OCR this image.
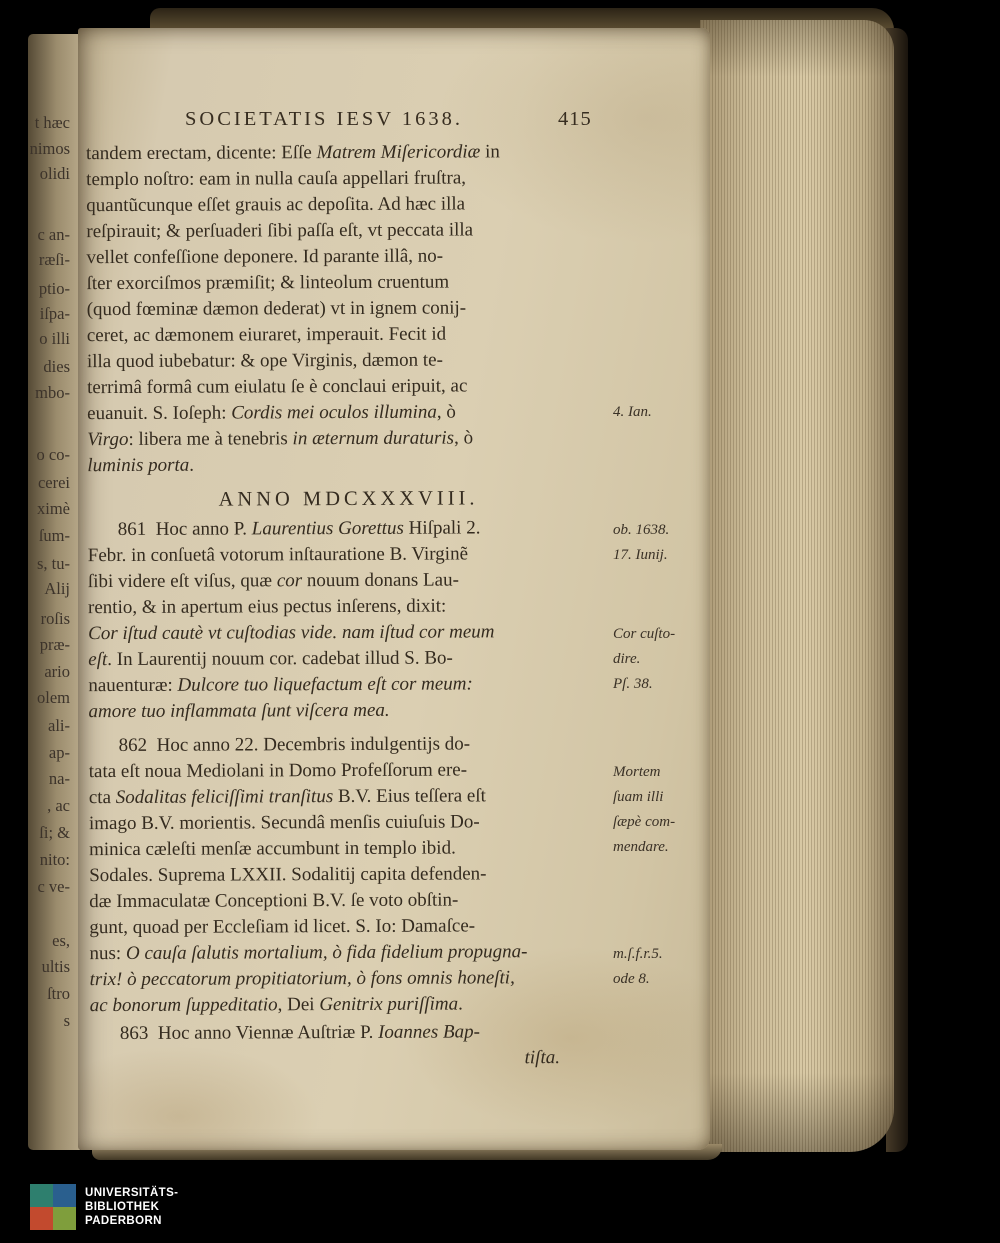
t hæc
nimos
olidi
c an-
ræſi-
ptio-
iſpa-
o illi
dies
mbo-
o co-
cerei
ximè
ſum-
s, tu-
Alij
roſis
præ-
ario
olem
ali-
ap-
na-
, ac
ſi; &
nito:
c ve-
es,
ultis
ſtro
s
SOCIETATIS IESV 1638.	415
tandem erectam, dicente: Eſſe Matrem Miſericordiæ in
templo noſtro: eam in nulla cauſa appellari fruſtra,
quantũcunque eſſet grauis ac depoſita. Ad hæc illa
reſpirauit; & perſuaderi ſibi paſſa eſt, vt peccata illa
vellet confeſſione deponere. Id parante illâ, no-
ſter exorciſmos præmiſit; & linteolum cruentum
(quod fœminæ dæmon dederat) vt in ignem conij-
ceret, ac dæmonem eiuraret, imperauit. Fecit id
illa quod iubebatur: & ope Virginis, dæmon te-
terrimâ formâ cum eiulatu ſe è conclaui eripuit, ac
euanuit. S. Ioſeph: Cordis mei oculos illumina, ò
Virgo: libera me à tenebris in æternum duraturis, ò
luminis porta.
ANNO MDCXXXVIII.
861  Hoc anno P. Laurentius Gorettus Hiſpali 2.
Febr. in conſuetâ votorum inſtauratione B. Virginẽ
ſibi videre eſt viſus, quæ cor nouum donans Lau-
rentio, & in apertum eius pectus inſerens, dixit:
Cor iſtud cautè vt cuſtodias vide. nam iſtud cor meum
eſt. In Laurentij nouum cor. cadebat illud S. Bo-
nauenturæ: Dulcore tuo liquefactum eſt cor meum:
amore tuo inflammata ſunt viſcera mea.
862  Hoc anno 22. Decembris indulgentijs do-
tata eſt noua Mediolani in Domo Profeſſorum ere-
cta Sodalitas feliciſſimi tranſitus B.V. Eius teſſera eſt
imago B.V. morientis. Secundâ menſis cuiuſuis Do-
minica cæleſti menſæ accumbunt in templo ibid.
Sodales. Suprema LXXII. Sodalitij capita defenden-
dæ Immaculatæ Conceptioni B.V. ſe voto obſtin-
gunt, quoad per Eccleſiam id licet. S. Io: Damaſce-
nus: O cauſa ſalutis mortalium, ò fida fidelium propugna-
trix! ò peccatorum propitiatorium, ò fons omnis honeſti,
ac bonorum ſuppeditatio, Dei Genitrix puriſſima.
863  Hoc anno Viennæ Auſtriæ P. Ioannes Bap-
tiſta.
4. Ian.
ob. 1638.
17. Iunij.
Cor cuſto-
dire.
Pſ. 38.
Mortem
ſuam illi
ſæpè com-
mendare.
m.ſ.f.r.5.
ode 8.
UNIVERSITÄTS-
BIBLIOTHEK
PADERBORN
